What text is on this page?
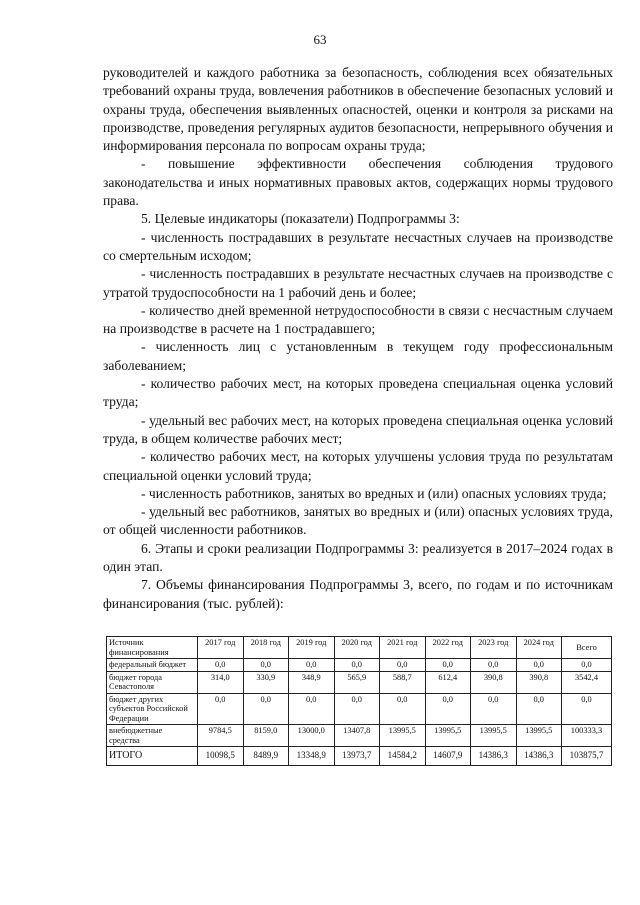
63

руководителей и каждого работника за безопасность, соблюдения всех обязательных требований охраны труда, вовлечения работников в обеспечение безопасных условий и охраны труда, обеспечения выявленных опасностей, оценки и контроля за рисками на производстве, проведения регулярных аудитов безопасности, непрерывного обучения и информирования персонала по вопросам охраны труда;

- повышение эффективности обеспечения соблюдения трудового законодательства и иных нормативных правовых актов, содержащих нормы трудового права.

5. Целевые индикаторы (показатели) Подпрограммы 3:

- численность пострадавших в результате несчастных случаев на производстве со смертельным исходом;

- численность пострадавших в результате несчастных случаев на производстве с утратой трудоспособности на 1 рабочий день и более;

- количество дней временной нетрудоспособности в связи с несчастным случаем на производстве в расчете на 1 пострадавшего;

- численность лиц с установленным в текущем году профессиональным заболеванием;

- количество рабочих мест, на которых проведена специальная оценка условий труда;

- удельный вес рабочих мест, на которых проведена специальная оценка условий труда, в общем количестве рабочих мест;

- количество рабочих мест, на которых улучшены условия труда по результатам специальной оценки условий труда;

- численность работников, занятых во вредных и (или) опасных условиях труда;

- удельный вес работников, занятых во вредных и (или) опасных условиях труда, от общей численности работников.

6. Этапы и сроки реализации Подпрограммы 3: реализуется в 2017–2024 годах в один этап.

7. Объемы финансирования Подпрограммы 3, всего, по годам и по источникам финансирования (тыс. рублей):

Источник финансирования	2017 год	2018 год	2019 год	2020 год	2021 год	2022 год	2023 год	2024 год	Всего
федеральный бюджет	0,0	0,0	0,0	0,0	0,0	0,0	0,0	0,0	0,0
бюджет города Севастополя	314,0	330,9	348,9	565,9	588,7	612,4	390,8	390,8	3542,4
бюджет других субъектов Российской Федерации	0,0	0,0	0,0	0,0	0,0	0,0	0,0	0,0	0,0
внебюджетные средства	9784,5	8159,0	13000,0	13407,8	13995,5	13995,5	13995,5	13995,5	100333,3
ИТОГО	10098,5	8489,9	13348,9	13973,7	14584,2	14607,9	14386,3	14386,3	103875,7
